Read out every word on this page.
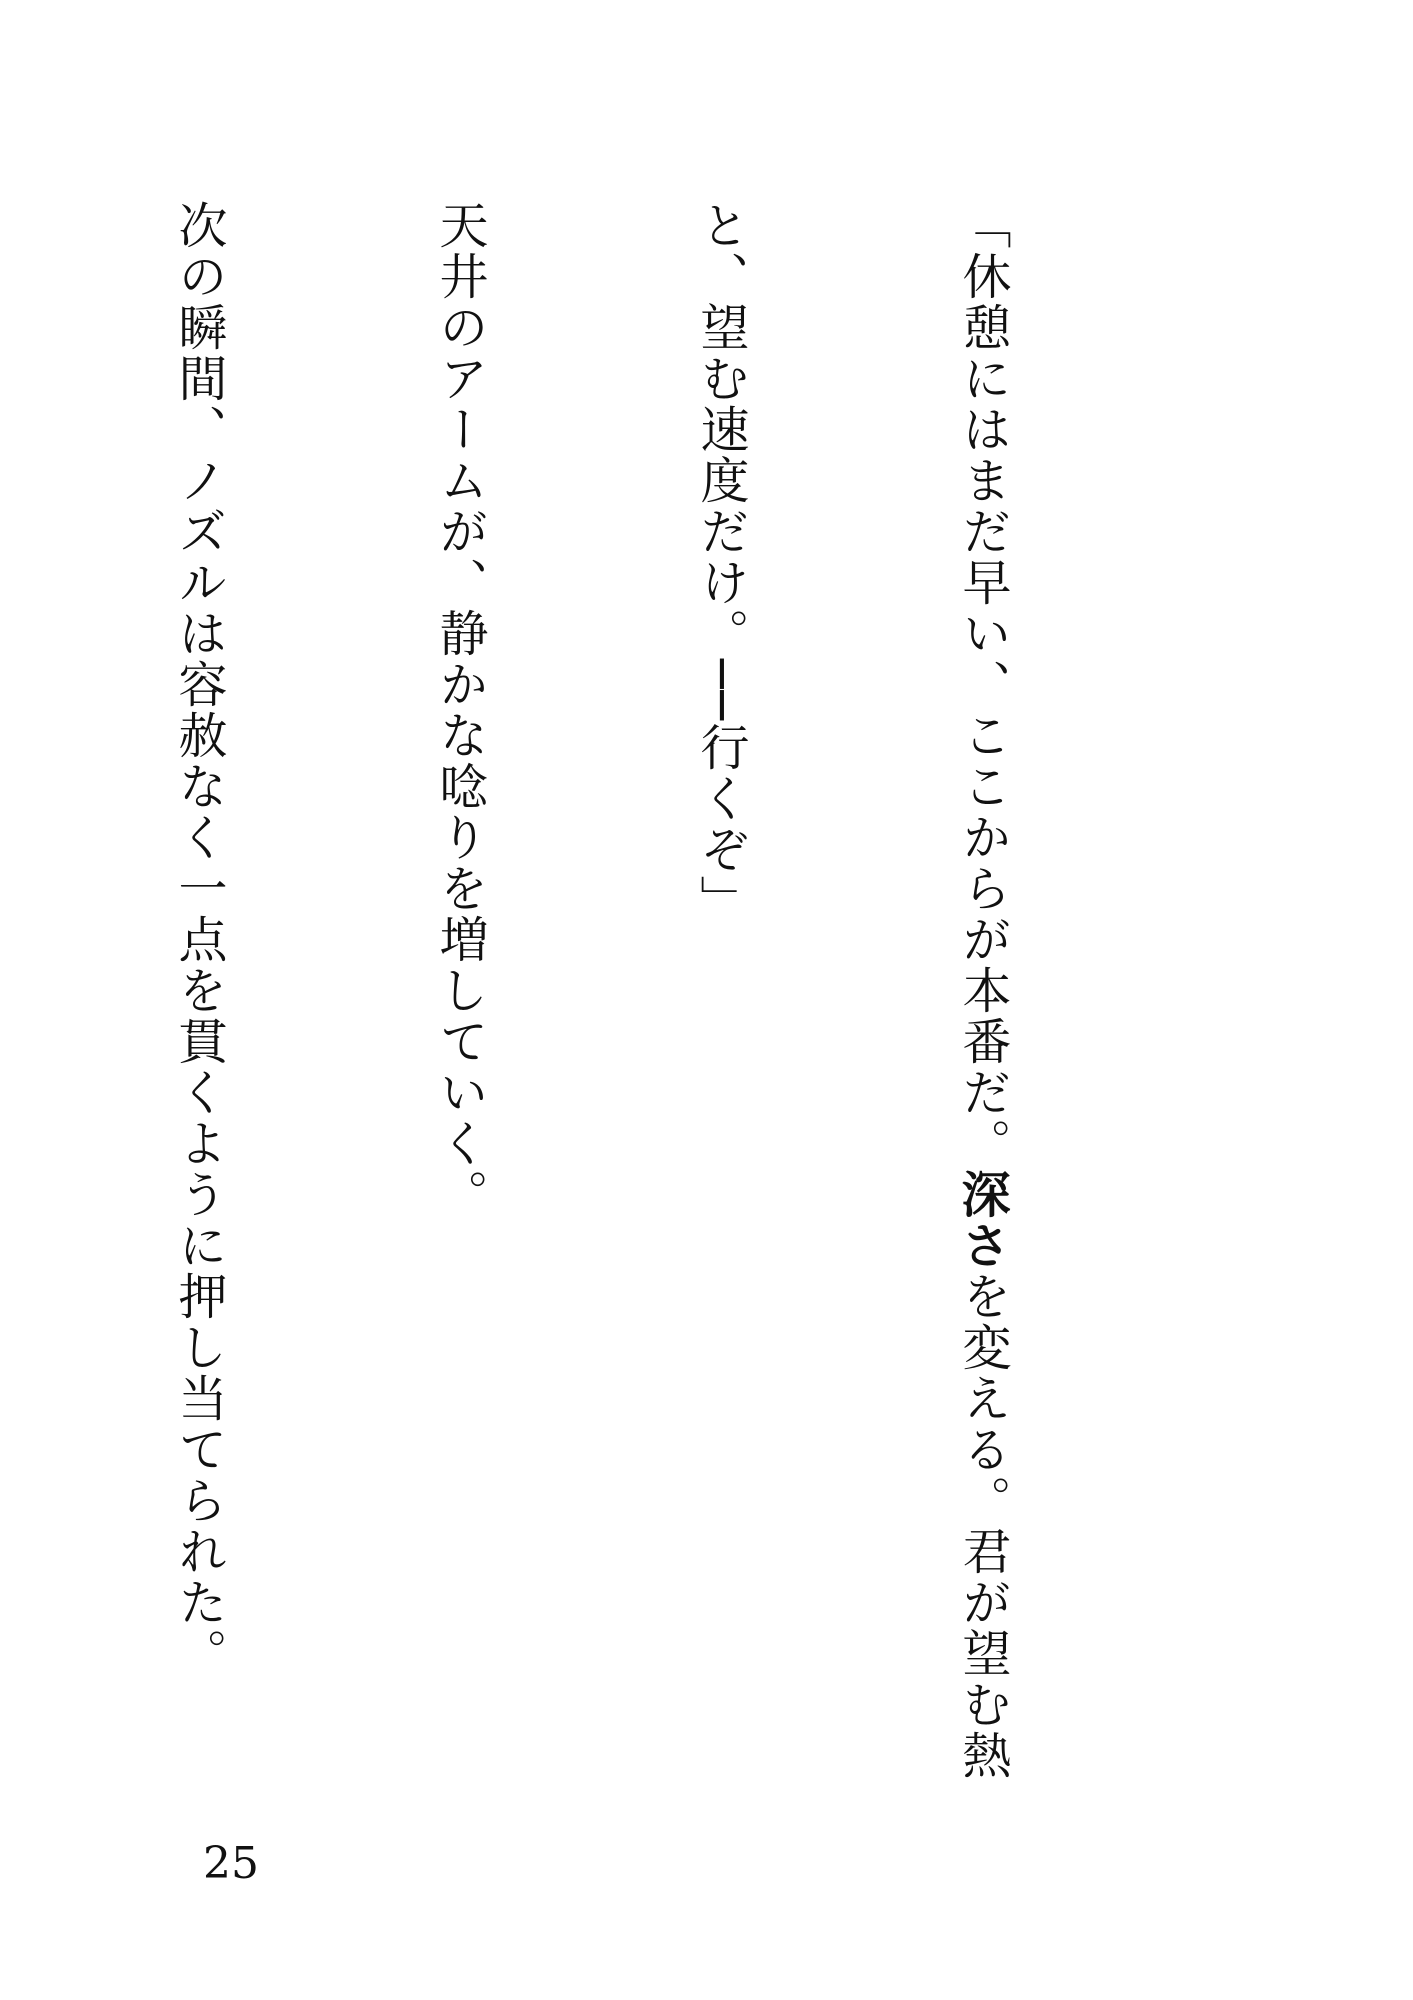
「休憩にはまだ早い、ここからが本番だ。深さを変える。君が望む熱

と、望む速度だけ。──行くぞ」

天井のアームが、静かな唸りを増していく。

次の瞬間、ノズルは容赦なく一点を貫くように押し当てられた。

25
